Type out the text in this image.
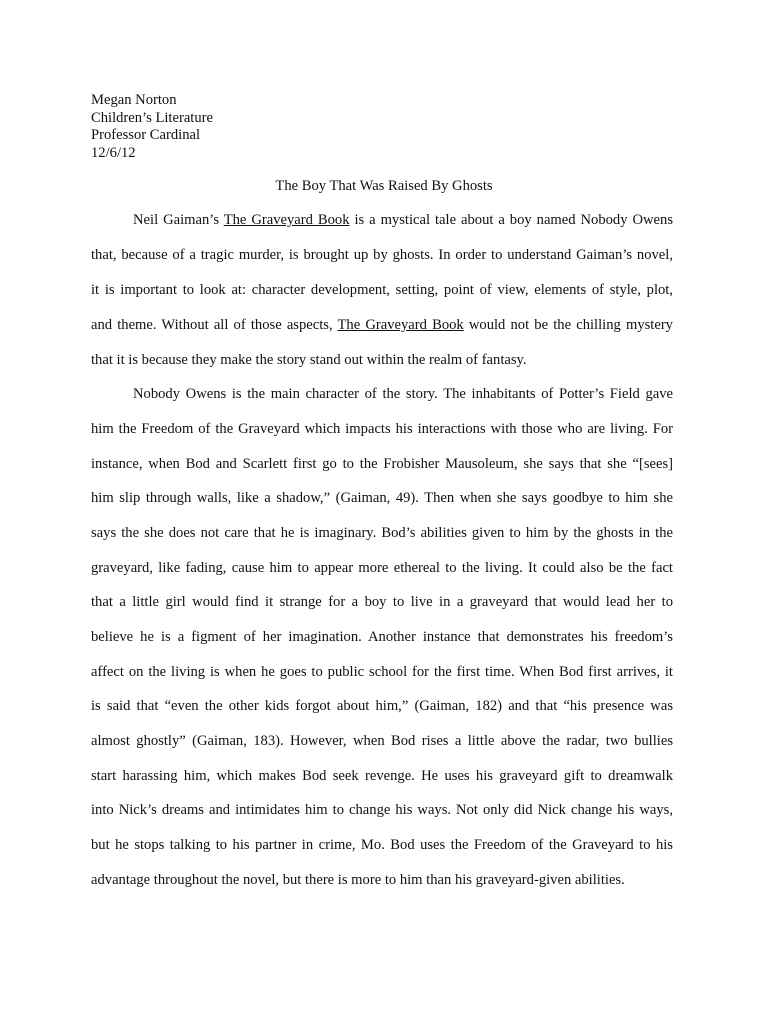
Megan Norton
Children’s Literature
Professor Cardinal
12/6/12
The Boy That Was Raised By Ghosts
Neil Gaiman’s The Graveyard Book is a mystical tale about a boy named Nobody Owens
that, because of a tragic murder, is brought up by ghosts. In order to understand Gaiman’s novel,
it is important to look at: character development, setting, point of view, elements of style, plot,
and theme. Without all of those aspects, The Graveyard Book would not be the chilling mystery
that it is because they make the story stand out within the realm of fantasy.
Nobody Owens is the main character of the story. The inhabitants of Potter’s Field gave
him the Freedom of the Graveyard which impacts his interactions with those who are living. For
instance, when Bod and Scarlett first go to the Frobisher Mausoleum, she says that she “[sees]
him slip through walls, like a shadow,” (Gaiman, 49). Then when she says goodbye to him she
says the she does not care that he is imaginary. Bod’s abilities given to him by the ghosts in the
graveyard, like fading, cause him to appear more ethereal to the living. It could also be the fact
that a little girl would find it strange for a boy to live in a graveyard that would lead her to
believe he is a figment of her imagination. Another instance that demonstrates his freedom’s
affect on the living is when he goes to public school for the first time. When Bod first arrives, it
is said that “even the other kids forgot about him,” (Gaiman, 182) and that “his presence was
almost ghostly” (Gaiman, 183). However, when Bod rises a little above the radar, two bullies
start harassing him, which makes Bod seek revenge. He uses his graveyard gift to dreamwalk
into Nick’s dreams and intimidates him to change his ways. Not only did Nick change his ways,
but he stops talking to his partner in crime, Mo. Bod uses the Freedom of the Graveyard to his
advantage throughout the novel, but there is more to him than his graveyard-given abilities.
